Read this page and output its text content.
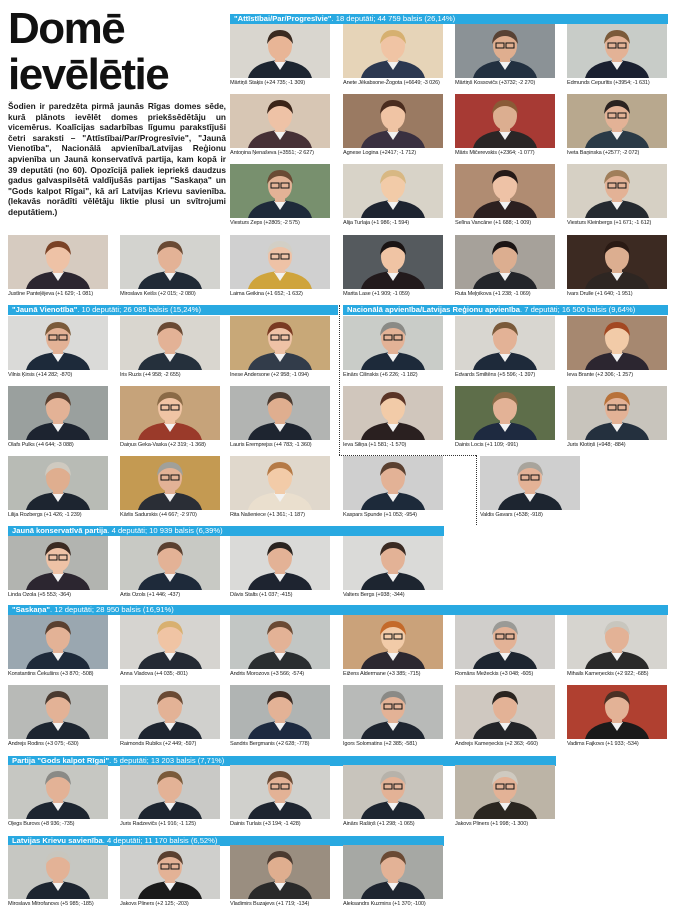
Domē
ievēlētie
Šodien ir paredzēta pirmā jaunās Rīgas domes sēde, kurā plānots ievēlēt domes priekšsēdētāju un vicemērus. Koalīcijas sadarbības līgumu parakstījuši četri saraksti – "Attīstībai/Par/Progresīvie", "Jaunā Vienotība", Nacionālā apvienība/Latvijas Reģionu apvienība un Jaunā konservatīvā partija, kam kopā ir 39 deputāti (no 60). Opozīcijā paliek iepriekš daudzus gadus galvaspilsētā valdījušās partijas "Saskaņa" un "Gods kalpot Rīgai", kā arī Latvijas Krievu savienība. (Iekavās norādīti vēlētāju liktie plusi un svītrojumi deputātiem.)
"Attīstībai/Par/Progresīvie". 18 deputāti; 44 759 balsis (26,14%)
"Jaunā Vienotība". 10 deputāti; 26 085 balsis (15,24%)	Nacionālā apvienība/Latvijas Reģionu apvienība. 7 deputāti; 16 500 balsis (9,64%)
Jaunā konservatīvā partija. 4 deputāti; 10 939 balsis (6,39%)
"Saskaņa". 12 deputāti; 28 950 balsis (16,91%)
Partija "Gods kalpot Rīgai". 5 deputāti; 13 203 balsis (7,71%)
Latvijas Krievu savienība. 4 deputāti; 11 170 balsis (6,52%)
Mārtiņš Staķis (+24 735; -1 309)	Anete Jēkabsone-Žogota (+6649; -3 026)	Mārtiņš Kossovičs (+3732; -2 270)	Edmunds Cepurītis (+3954; -1 631)
Antoņina Ņenaševa (+3551; -2 627)	Agnese Logina (+2417; -1 712)	Māris Mičerevskis (+2364; -1 077)	Iveta Baņinska (+2577; -2 072)
Viesturs Zeps (+2805; -2 575)	Alija Turlaja (+1 986; -1 594)	Selīna Vancāne (+1 688; -1 009)	Viesturs Kleinbergs (+1 671; -1 612)
Justīne Panteļējeva (+1 629; -1 081)	Miroslavs Keišs (+2 015; -2 080)	Laima Geikina (+1 652; -1 632)	Marita Lase (+1 909; -1 059)	Ruta Meļņikova (+1 238; -1 069)	Ivars Drulle (+1 640; -1 951)
Vilnis Ķirsis (+14 282; -870)	Iris Ruzis (+4 958; -2 655)	Inese Andersone (+2 958; -1 094)
Olafs Pulks (+4 644; -3 088)	Daiņus Geka-Vaska (+2 319; -1 368)	Lauris Eremprejss (+4 783; -1 360)
Lilija Rozbergs (+1 426; -1 239)	Kārlis Sadurskis (+4 667; -2 970)	Rita Našeniece (+1 361; -1 187)
Einārs Cilinskis (+6 226; -1 182)	Edvards Smiltēns (+5 596; -1 397)	Ieva Brante (+2 306; -1 257)
Ieva Siliņa (+1 581; -1 570)	Dainis Locis (+1 109; -991)	Juris Klotiņš (+948; -884)
Kaspars Spunde (+1 053; -954)	Valdis Gavars (+538; -918)
Linda Ozola (+5 553; -364)	Artis Ozols (+1 446; -437)	Dāvis Stalts (+1 037; -415)	Valters Bergs (+938; -344)
Konstantins Čekušins (+3 870; -508)	Anna Vladova (+4 035; -801)	Andris Morozovs (+3 566; -574)	Eižens Aldermane (+3 385; -715)	Romāns Mežeckis (+3 048; -605)	Mihails Kameņeckis (+2 922; -685)
Andrejs Rodins (+3 075; -630)	Raimonds Rubiks (+2 449; -597)	Sandris Bergmanis (+2 628; -778)	Igors Solomatins (+2 385; -581)	Andrejs Kameņeckis (+2 363; -660)	Vadims Fajkovs (+1 933; -534)
Oļegs Burovs (+8 936; -735)	Juris Radzevičs (+1 916; -1 125)	Dainis Turlais (+3 194; -1 428)	Ainārs Rašiņš (+1 298; -1 065)	Jakovs Pliners (+1 998; -1 300)
Miroslavs Mitrofanovs (+5 985; -185)	Jakovs Pliners (+2 125; -203)	Vladimirs Buzajevs (+1 719; -134)	Aleksandrs Kuzmins (+1 370; -100)
